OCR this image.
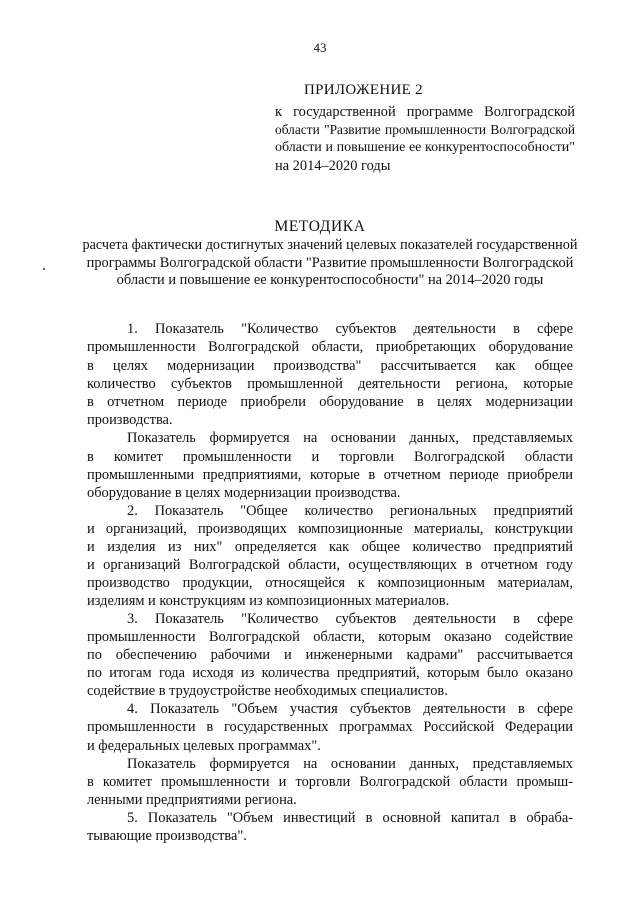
43
ПРИЛОЖЕНИЕ 2
к государственной программе Волгоградской
области "Развитие промышленности Волгоградской
области и повышение ее конкурентоспособности"
на 2014–2020 годы
МЕТОДИКА
расчета фактически достигнутых значений целевых показателей государственной
программы Волгоградской области "Развитие промышленности Волгоградской
области и повышение ее конкурентоспособности" на 2014–2020 годы
1. Показатель "Количество субъектов деятельности в сфере
промышленности Волгоградской области, приобретающих оборудование
в целях модернизации производства" рассчитывается как общее
количество субъектов промышленной деятельности региона, которые
в отчетном периоде приобрели оборудование в целях модернизации
производства.
Показатель формируется на основании данных, представляемых
в комитет промышленности и торговли Волгоградской области
промышленными предприятиями, которые в отчетном периоде приобрели
оборудование в целях модернизации производства.
2. Показатель "Общее количество региональных предприятий
и организаций, производящих композиционные материалы, конструкции
и изделия из них" определяется как общее количество предприятий
и организаций Волгоградской области, осуществляющих в отчетном году
производство продукции, относящейся к композиционным материалам,
изделиям и конструкциям из композиционных материалов.
3. Показатель "Количество субъектов деятельности в сфере
промышленности Волгоградской области, которым оказано содействие
по обеспечению рабочими и инженерными кадрами" рассчитывается
по итогам года исходя из количества предприятий, которым было оказано
содействие в трудоустройстве необходимых специалистов.
4. Показатель "Объем участия субъектов деятельности в сфере
промышленности в государственных программах Российской Федерации
и федеральных целевых программах".
Показатель формируется на основании данных, представляемых
в комитет промышленности и торговли Волгоградской области промыш-
ленными предприятиями региона.
5. Показатель "Объем инвестиций в основной капитал в обраба-
тывающие производства".
